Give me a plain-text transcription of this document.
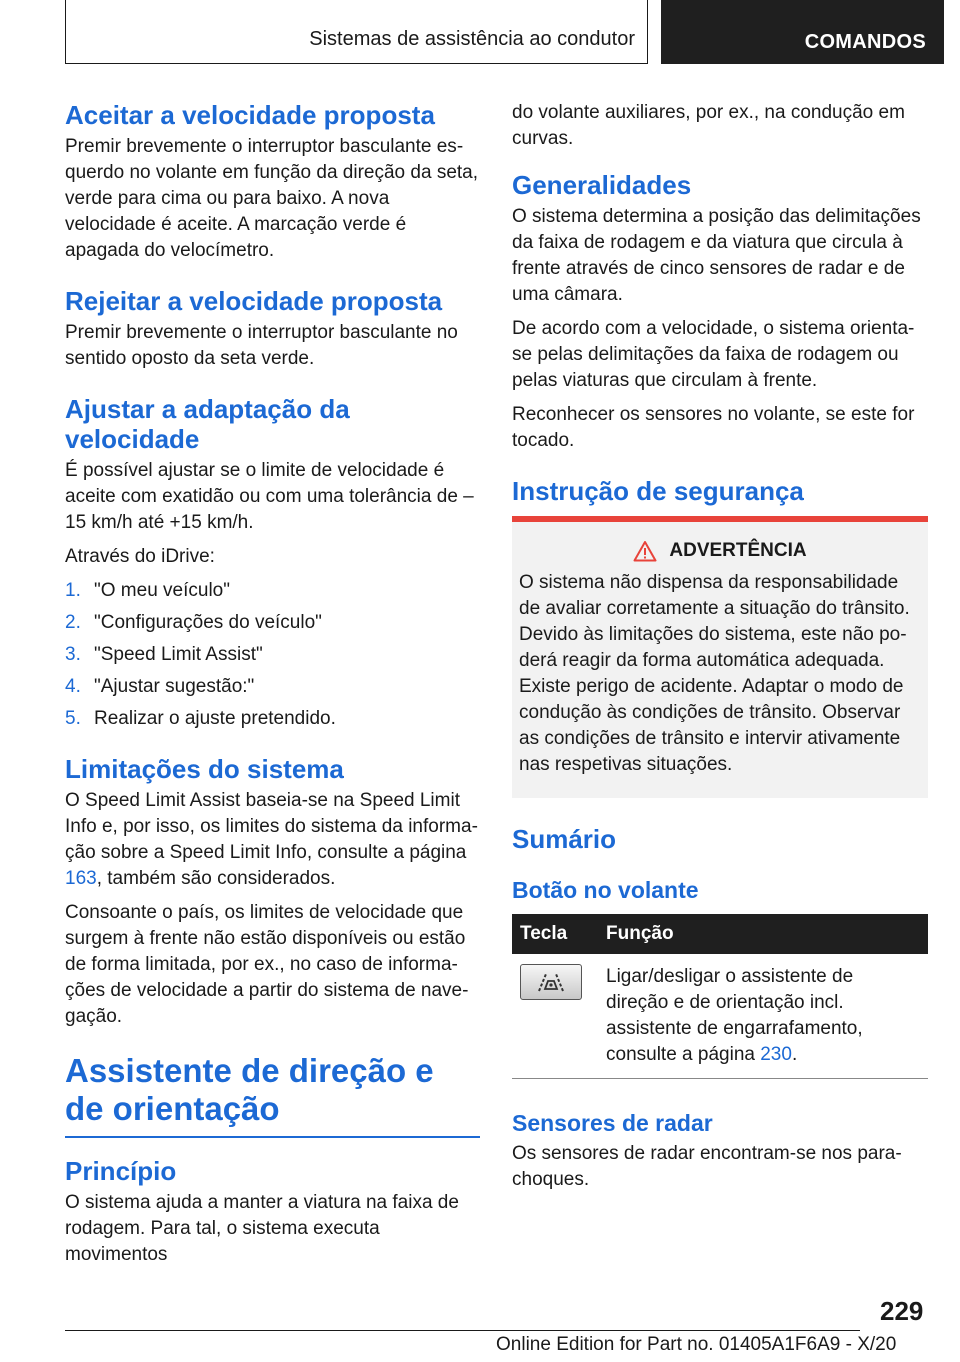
Sistemas de assistência ao condutor	COMANDOS
Aceitar a velocidade proposta

Premir brevemente o interruptor basculante esquerdo no volante em função da direção da seta, verde para cima ou para baixo. A nova velocidade é aceite. A marcação verde é apagada do velocímetro.

Rejeitar a velocidade proposta

Premir brevemente o interruptor basculante no sentido oposto da seta verde.

Ajustar a adaptação da velocidade

É possível ajustar se o limite de velocidade é aceite com exatidão ou com uma tolerância de –15 km/h até +15 km/h.

Através do iDrive:

1. "O meu veículo"
2. "Configurações do veículo"
3. "Speed Limit Assist"
4. "Ajustar sugestão:"
5. Realizar o ajuste pretendido.
Limitações do sistema

O Speed Limit Assist baseia-se na Speed Limit Info e, por isso, os limites do sistema da informação sobre a Speed Limit Info, consulte a página 163, também são considerados.

Consoante o país, os limites de velocidade que surgem à frente não estão disponíveis ou estão de forma limitada, por ex., no caso de informações de velocidade a partir do sistema de navegação.

Assistente de direção e de orientação
Princípio

O sistema ajuda a manter a viatura na faixa de rodagem. Para tal, o sistema executa movimentos

do volante auxiliares, por ex., na condução em curvas.

Generalidades

O sistema determina a posição das delimitações da faixa de rodagem e da viatura que circula à frente através de cinco sensores de radar e de uma câmara.

De acordo com a velocidade, o sistema orienta-se pelas delimitações da faixa de rodagem ou pelas viaturas que circulam à frente.

Reconhecer os sensores no volante, se este for tocado.

Instrução de segurança
ADVERTÊNCIA

O sistema não dispensa da responsabilidade de avaliar corretamente a situação do trânsito. Devido às limitações do sistema, este não poderá reagir da forma automática adequada. Existe perigo de acidente. Adaptar o modo de condução às condições de trânsito. Observar as condições de trânsito e intervir ativamente nas respetivas situações.

Sumário
Botão no volante
Tecla	Função

	Ligar/desligar o assistente de direção e de orientação incl. assistente de engarrafamento, consulte a página 230.
Sensores de radar

Os sensores de radar encontram-se nos para-choques.

229
Online Edition for Part no. 01405A1F6A9 - X/20
